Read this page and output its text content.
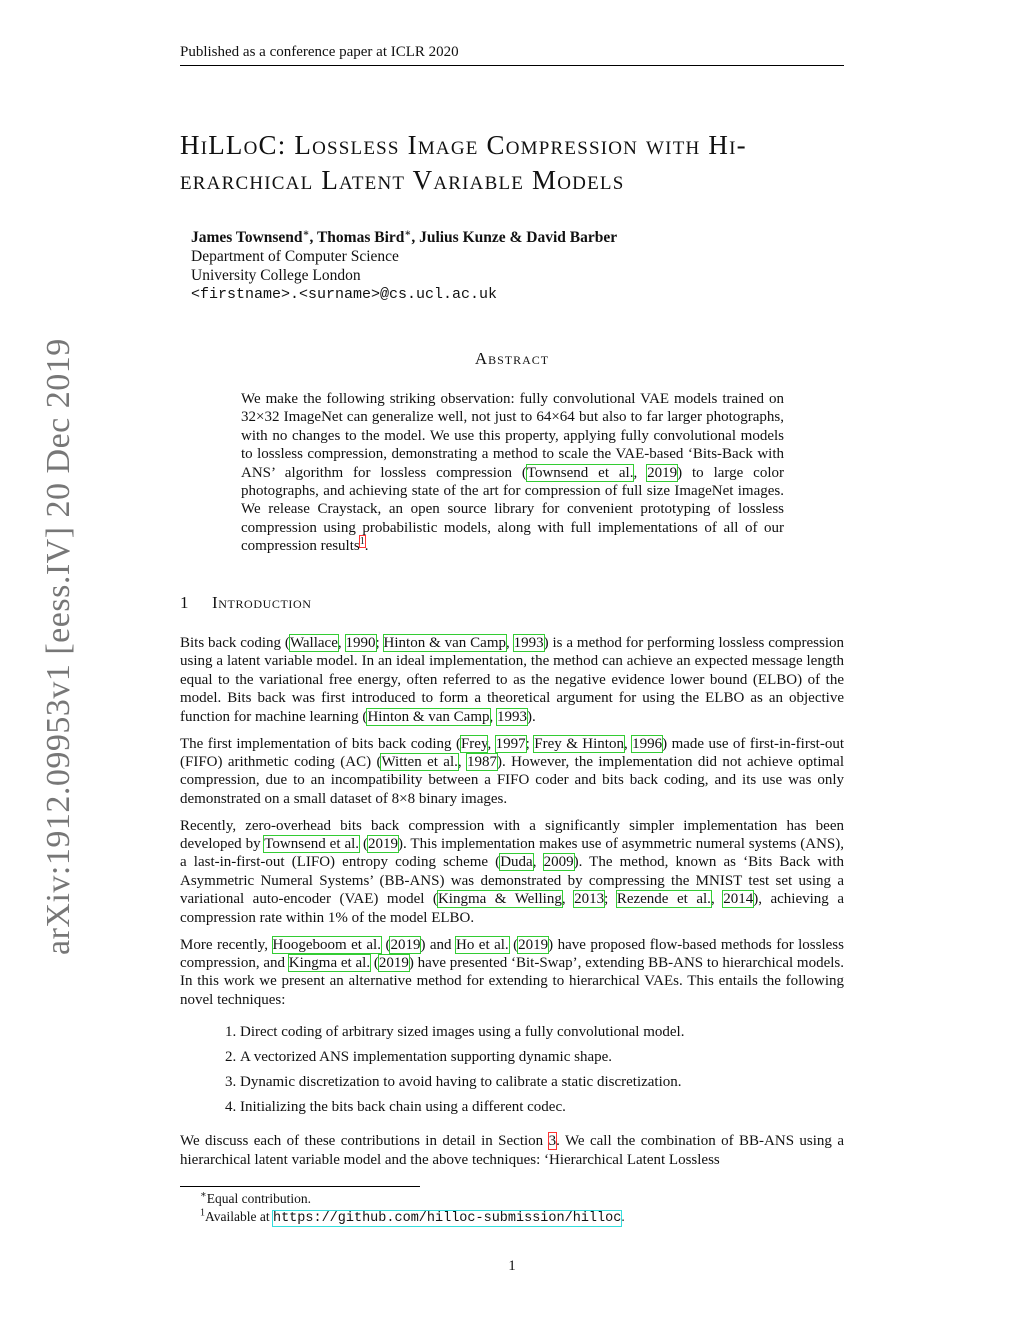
Published as a conference paper at ICLR 2020
arXiv:1912.09953v1 [eess.IV] 20 Dec 2019
HiLLoC: Lossless Image Compression with Hi-
erarchical Latent Variable Models
James Townsend∗, Thomas Bird∗, Julius Kunze & David Barber
Department of Computer Science
University College London
<firstname>.<surname>@cs.ucl.ac.uk
Abstract

We make the following striking observation: fully convolutional VAE models trained on 32×32 ImageNet can generalize well, not just to 64×64 but also to far larger photographs, with no changes to the model. We use this property, applying fully convolutional models to lossless compression, demonstrating a method to scale the VAE-based ‘Bits-Back with ANS’ algorithm for lossless compression (Townsend et al., 2019) to large color photographs, and achieving state of the art for compression of full size ImageNet images. We release Craystack, an open source library for convenient prototyping of lossless compression using probabilistic models, along with full implementations of all of our compression results$^1$.

1 Introduction

Bits back coding (Wallace, 1990; Hinton & van Camp, 1993) is a method for performing lossless compression using a latent variable model. In an ideal implementation, the method can achieve an expected message length equal to the variational free energy, often referred to as the negative evidence lower bound (ELBO) of the model. Bits back was first introduced to form a theoretical argument for using the ELBO as an objective function for machine learning (Hinton & van Camp, 1993).

The first implementation of bits back coding (Frey, 1997; Frey & Hinton, 1996) made use of first-in-first-out (FIFO) arithmetic coding (AC) (Witten et al., 1987). However, the implementation did not achieve optimal compression, due to an incompatibility between a FIFO coder and bits back coding, and its use was only demonstrated on a small dataset of 8×8 binary images.

Recently, zero-overhead bits back compression with a significantly simpler implementation has been developed by Townsend et al. (2019). This implementation makes use of asymmetric numeral systems (ANS), a last-in-first-out (LIFO) entropy coding scheme (Duda, 2009). The method, known as ‘Bits Back with Asymmetric Numeral Systems’ (BB-ANS) was demonstrated by compressing the MNIST test set using a variational auto-encoder (VAE) model (Kingma & Welling, 2013; Rezende et al., 2014), achieving a compression rate within 1% of the model ELBO.

More recently, Hoogeboom et al. (2019) and Ho et al. (2019) have proposed flow-based methods for lossless compression, and Kingma et al. (2019) have presented ‘Bit-Swap’, extending BB-ANS to hierarchical models. In this work we present an alternative method for extending to hierarchical VAEs. This entails the following novel techniques:

1. Direct coding of arbitrary sized images using a fully convolutional model.
2. A vectorized ANS implementation supporting dynamic shape.
3. Dynamic discretization to avoid having to calibrate a static discretization.
4. Initializing the bits back chain using a different codec.

We discuss each of these contributions in detail in Section 3. We call the combination of BB-ANS using a hierarchical latent variable model and the above techniques: ‘Hierarchical Latent Lossless

∗Equal contribution.
$^1$Available at https://github.com/hilloc-submission/hilloc.
1
